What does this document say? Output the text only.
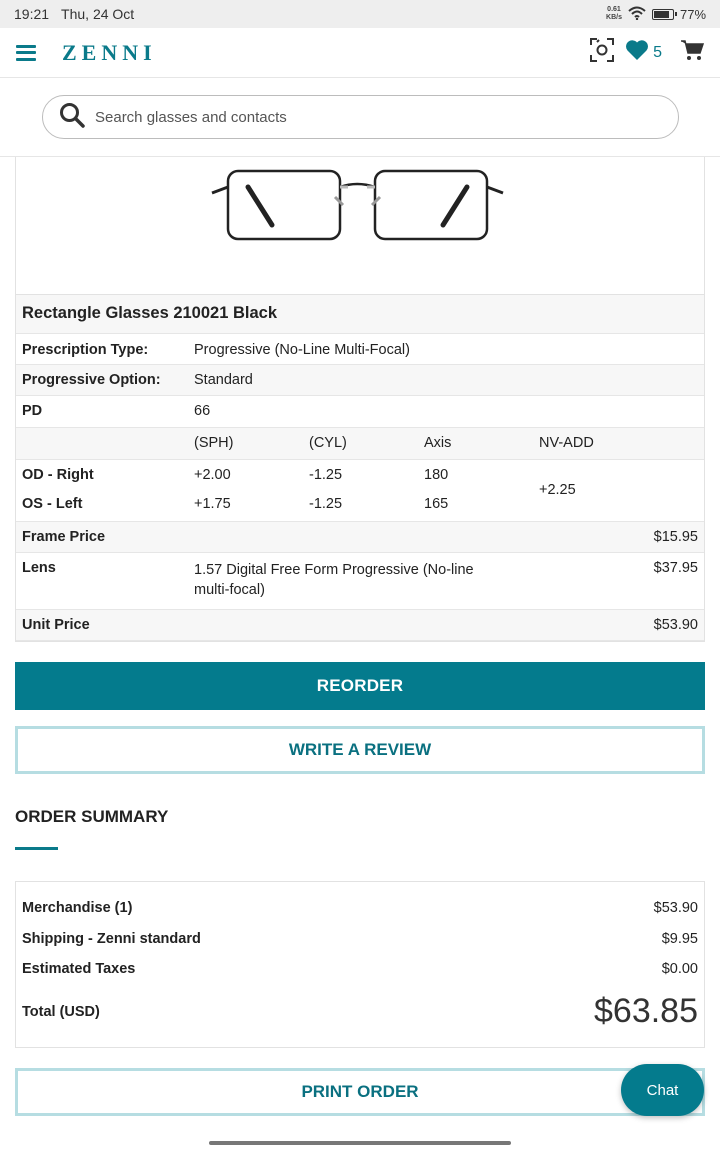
19:21 Thu, 24 Oct	0.61
KB/s	77%
ZENNI	5
Search glasses and contacts
Rectangle Glasses 210021 Black				
Prescription Type:	Progressive (No-Line Multi-Focal)			
Progressive Option:	Standard			
PD	66			
	(SPH)	(CYL)	Axis	NV-ADD
OD - Right	+2.00	-1.25	180	+2.25
OS - Left	+1.75	-1.25	165	
Frame Price				$15.95
Lens	1.57 Digital Free Form Progressive (No-line multi-focal)			$37.95
Unit Price				$53.90
REORDER
WRITE A REVIEW
ORDER SUMMARY
Merchandise (1)	$53.90
Shipping - Zenni standard	$9.95
Estimated Taxes	$0.00
Total (USD)	$63.85
PRINT ORDER	Chat
